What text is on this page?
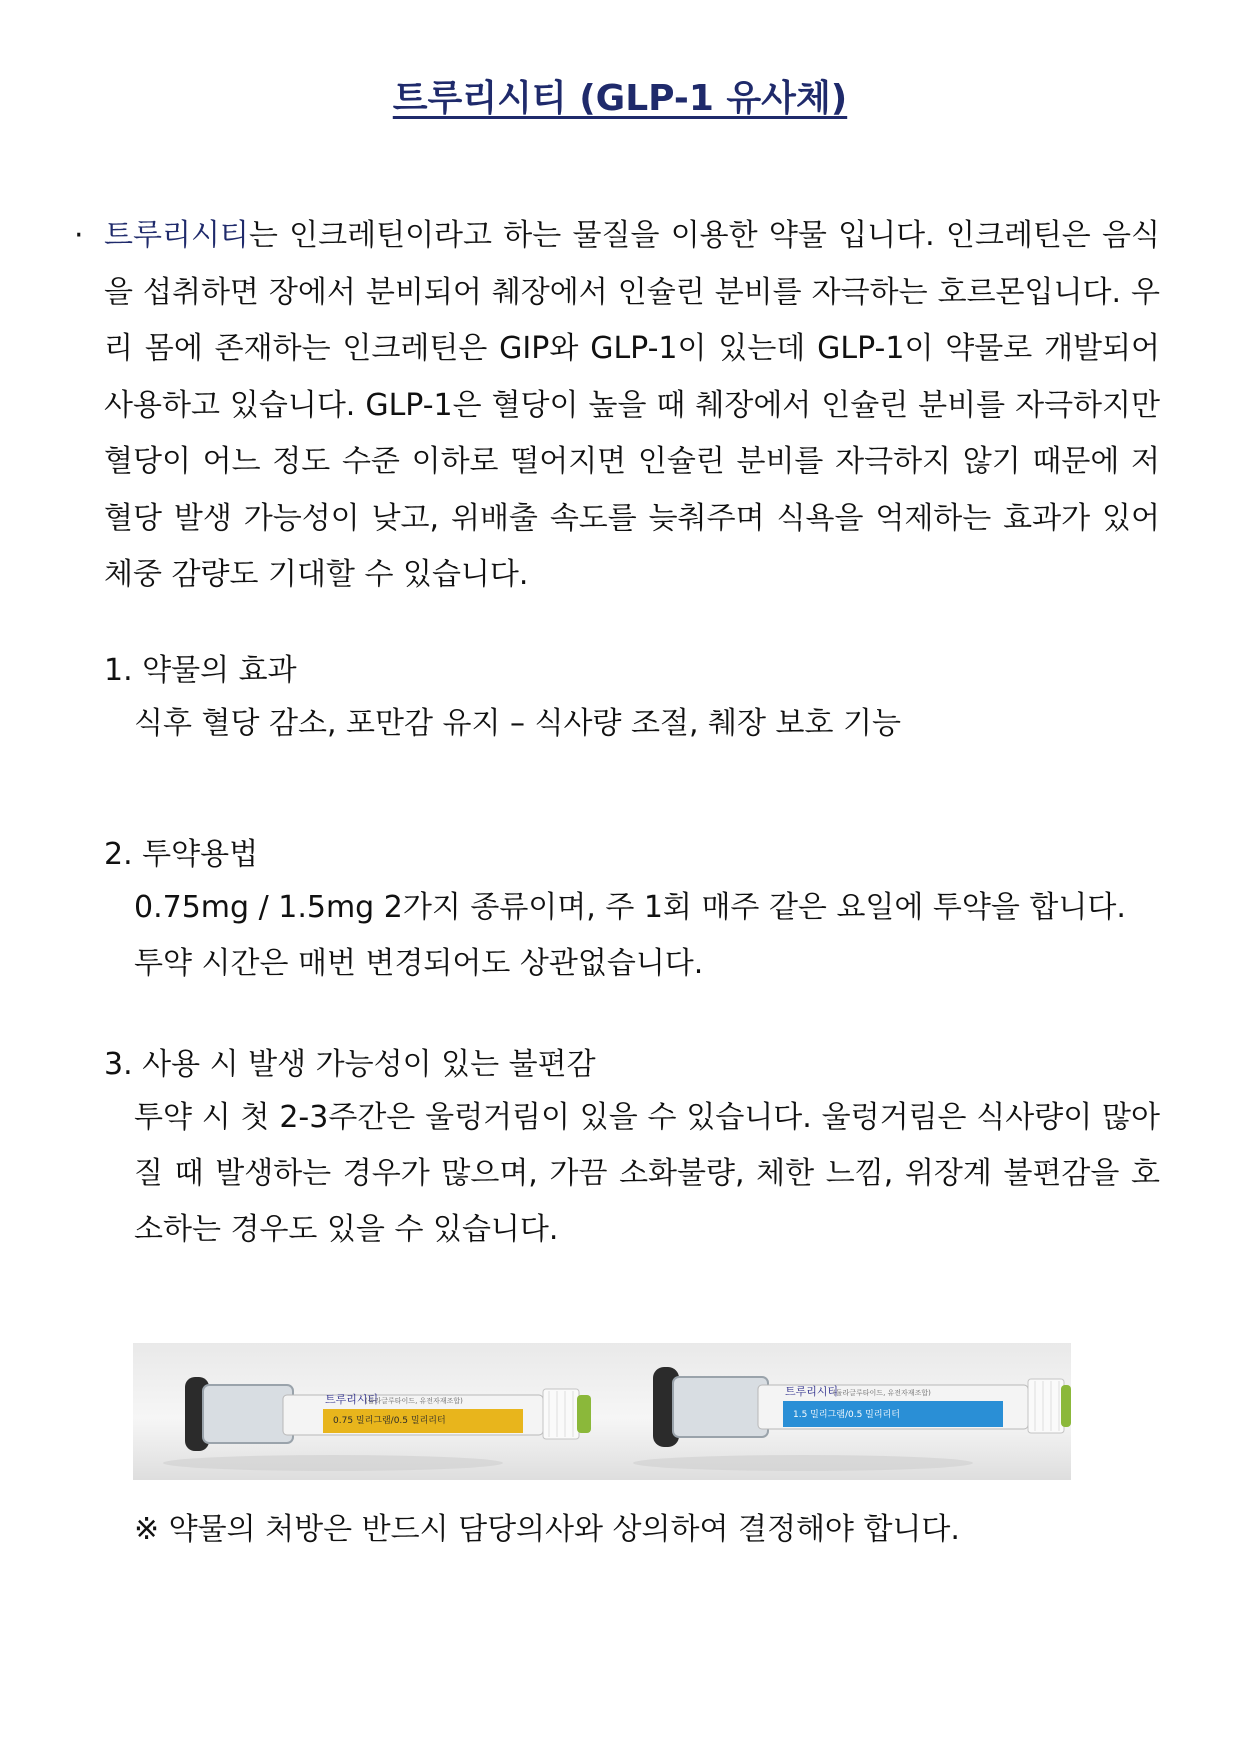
트루리시티 (GLP-1 유사체)
· 트루리시티는 인크레틴이라고 하는 물질을 이용한 약물 입니다. 인크레틴은 음식을 섭취하면 장에서 분비되어 췌장에서 인슐린 분비를 자극하는 호르몬입니다. 우리 몸에 존재하는 인크레틴은 GIP와 GLP-1이 있는데 GLP-1이 약물로 개발되어 사용하고 있습니다. GLP-1은 혈당이 높을 때 췌장에서 인슐린 분비를 자극하지만 혈당이 어느 정도 수준 이하로 떨어지면 인슐린 분비를 자극하지 않기 때문에 저혈당 발생 가능성이 낮고, 위배출 속도를 늦춰주며 식욕을 억제하는 효과가 있어 체중 감량도 기대할 수 있습니다.

1. 약물의 효과
식후 혈당 감소, 포만감 유지 – 식사량 조절, 췌장 보호 기능
2. 투약용법
0.75mg / 1.5mg 2가지 종류이며, 주 1회 매주 같은 요일에 투약을 합니다.
투약 시간은 매번 변경되어도 상관없습니다.
3. 사용 시 발생 가능성이 있는 불편감
투약 시 첫 2-3주간은 울렁거림이 있을 수 있습니다. 울렁거림은 식사량이 많아질 때 발생하는 경우가 많으며, 가끔 소화불량, 체한 느낌, 위장계 불편감을 호소하는 경우도 있을 수 있습니다.
트루리시티
(둘라글루타이드, 유전자재조합)
0.75 밀리그램/0.5 밀리리터
트루리시티
(둘라글루타이드, 유전자재조합)
1.5 밀리그램/0.5 밀리리터
※ 약물의 처방은 반드시 담당의사와 상의하여 결정해야 합니다.
